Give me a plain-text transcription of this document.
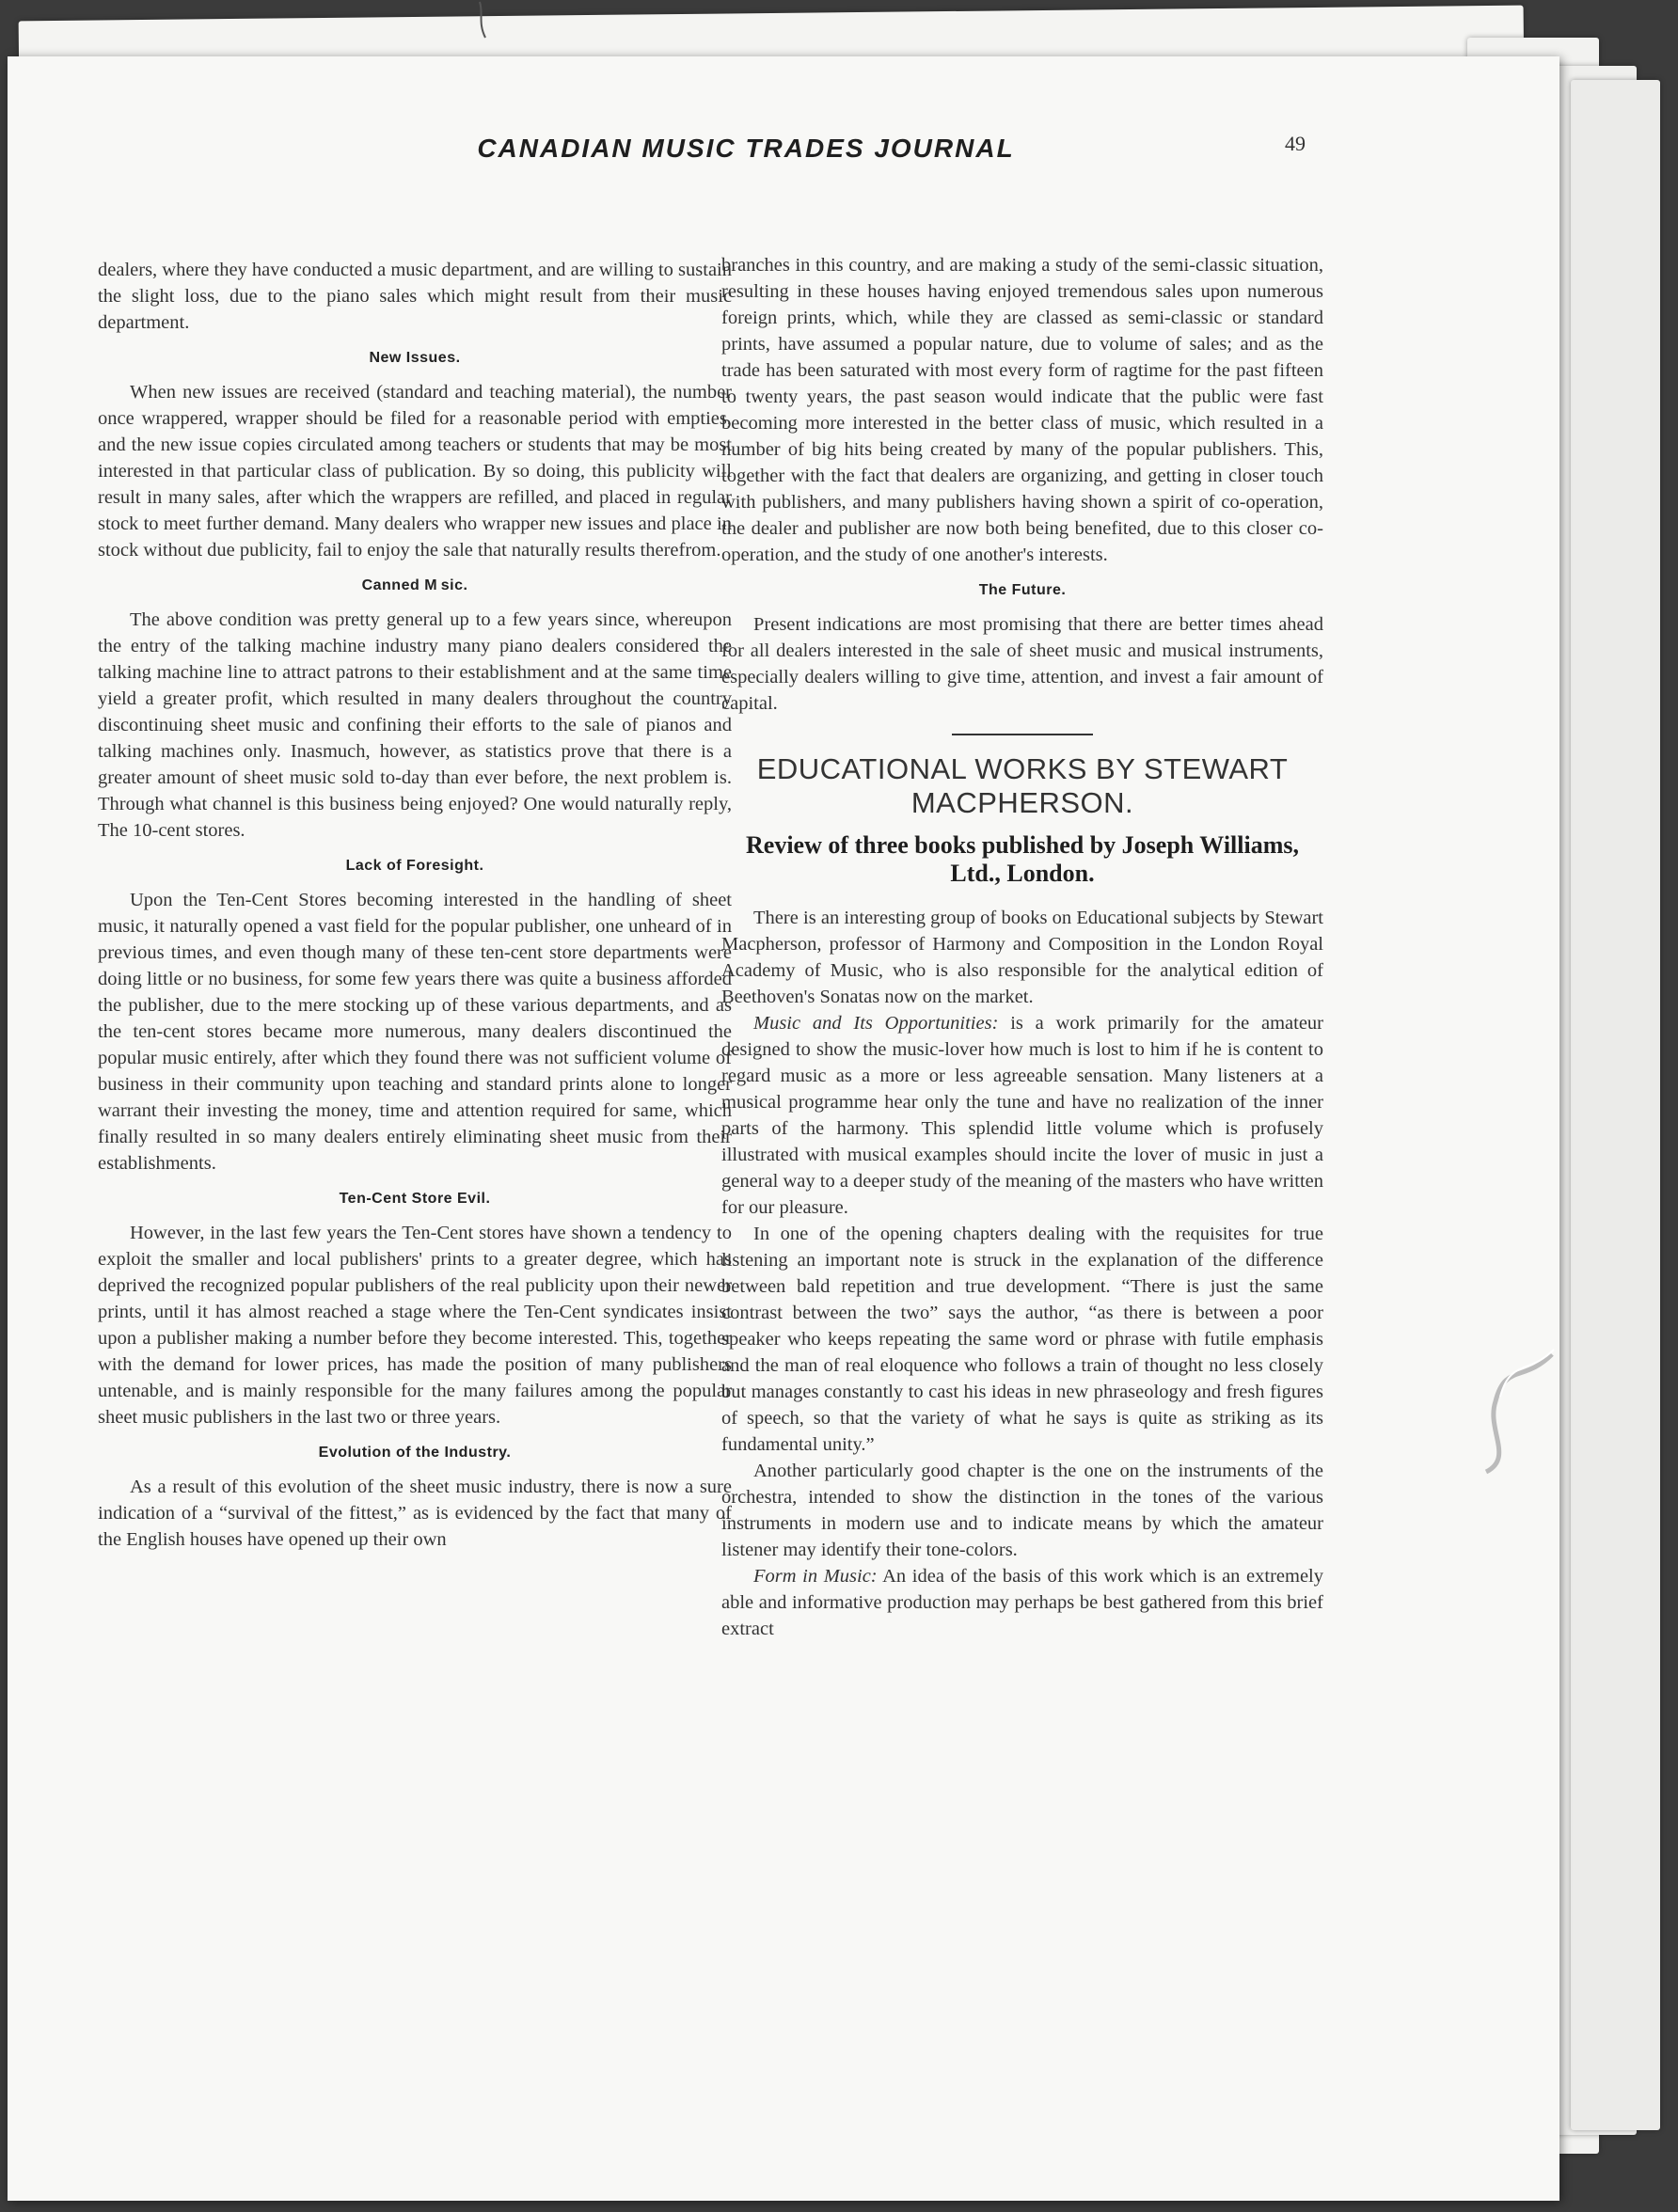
CANADIAN MUSIC TRADES JOURNAL	49

dealers, where they have conducted a music department, and are willing to sustain the slight loss, due to the piano sales which might result from their music department.

New Issues.

When new issues are received (standard and teaching material), the number once wrappered, wrapper should be filed for a reasonable period with empties, and the new issue copies circulated among teachers or students that may be most interested in that particular class of publication. By so doing, this publicity will result in many sales, after which the wrappers are refilled, and placed in regular stock to meet further demand. Many dealers who wrapper new issues and place in stock without due publicity, fail to enjoy the sale that naturally results therefrom.

Canned M sic.

The above condition was pretty general up to a few years since, whereupon the entry of the talking machine industry many piano dealers considered the talking machine line to attract patrons to their establishment and at the same time yield a greater profit, which resulted in many dealers throughout the country discontinuing sheet music and confining their efforts to the sale of pianos and talking machines only. Inasmuch, however, as statistics prove that there is a greater amount of sheet music sold to-day than ever before, the next problem is. Through what channel is this business being enjoyed? One would naturally reply, The 10-cent stores.

Lack of Foresight.

Upon the Ten-Cent Stores becoming interested in the handling of sheet music, it naturally opened a vast field for the popular publisher, one unheard of in previous times, and even though many of these ten-cent store departments were doing little or no business, for some few years there was quite a business afforded the publisher, due to the mere stocking up of these various departments, and as the ten-cent stores became more numerous, many dealers discontinued the popular music entirely, after which they found there was not sufficient volume of business in their community upon teaching and standard prints alone to longer warrant their investing the money, time and attention required for same, which finally resulted in so many dealers entirely eliminating sheet music from their establishments.

Ten-Cent Store Evil.

However, in the last few years the Ten-Cent stores have shown a tendency to exploit the smaller and local publishers' prints to a greater degree, which has deprived the recognized popular publishers of the real publicity upon their newer prints, until it has almost reached a stage where the Ten-Cent syndicates insist upon a publisher making a number before they become interested. This, together with the demand for lower prices, has made the position of many publishers untenable, and is mainly responsible for the many failures among the popular sheet music publishers in the last two or three years.

Evolution of the Industry.

As a result of this evolution of the sheet music industry, there is now a sure indication of a “survival of the fittest,” as is evidenced by the fact that many of the English houses have opened up their own

branches in this country, and are making a study of the semi-classic situation, resulting in these houses having enjoyed tremendous sales upon numerous foreign prints, which, while they are classed as semi-classic or standard prints, have assumed a popular nature, due to volume of sales; and as the trade has been saturated with most every form of ragtime for the past fifteen to twenty years, the past season would indicate that the public were fast becoming more interested in the better class of music, which resulted in a number of big hits being created by many of the popular publishers. This, together with the fact that dealers are organizing, and getting in closer touch with publishers, and many publishers having shown a spirit of co-operation, the dealer and publisher are now both being benefited, due to this closer co-operation, and the study of one another's interests.

The Future.

Present indications are most promising that there are better times ahead for all dealers interested in the sale of sheet music and musical instruments, especially dealers willing to give time, attention, and invest a fair amount of capital.

EDUCATIONAL WORKS BY STEWART MACPHERSON.
Review of three books published by Joseph Williams, Ltd., London.

There is an interesting group of books on Educational subjects by Stewart Macpherson, professor of Harmony and Composition in the London Royal Academy of Music, who is also responsible for the analytical edition of Beethoven's Sonatas now on the market.

Music and Its Opportunities: is a work primarily for the amateur designed to show the music-lover how much is lost to him if he is content to regard music as a more or less agreeable sensation. Many listeners at a musical programme hear only the tune and have no realization of the inner parts of the harmony. This splendid little volume which is profusely illustrated with musical examples should incite the lover of music in just a general way to a deeper study of the meaning of the masters who have written for our pleasure.

In one of the opening chapters dealing with the requisites for true listening an important note is struck in the explanation of the difference between bald repetition and true development. “There is just the same contrast between the two” says the author, “as there is between a poor speaker who keeps repeating the same word or phrase with futile emphasis and the man of real eloquence who follows a train of thought no less closely but manages constantly to cast his ideas in new phraseology and fresh figures of speech, so that the variety of what he says is quite as striking as its fundamental unity.”

Another particularly good chapter is the one on the instruments of the orchestra, intended to show the distinction in the tones of the various instruments in modern use and to indicate means by which the amateur listener may identify their tone-colors.

Form in Music: An idea of the basis of this work which is an extremely able and informative production may perhaps be best gathered from this brief extract
